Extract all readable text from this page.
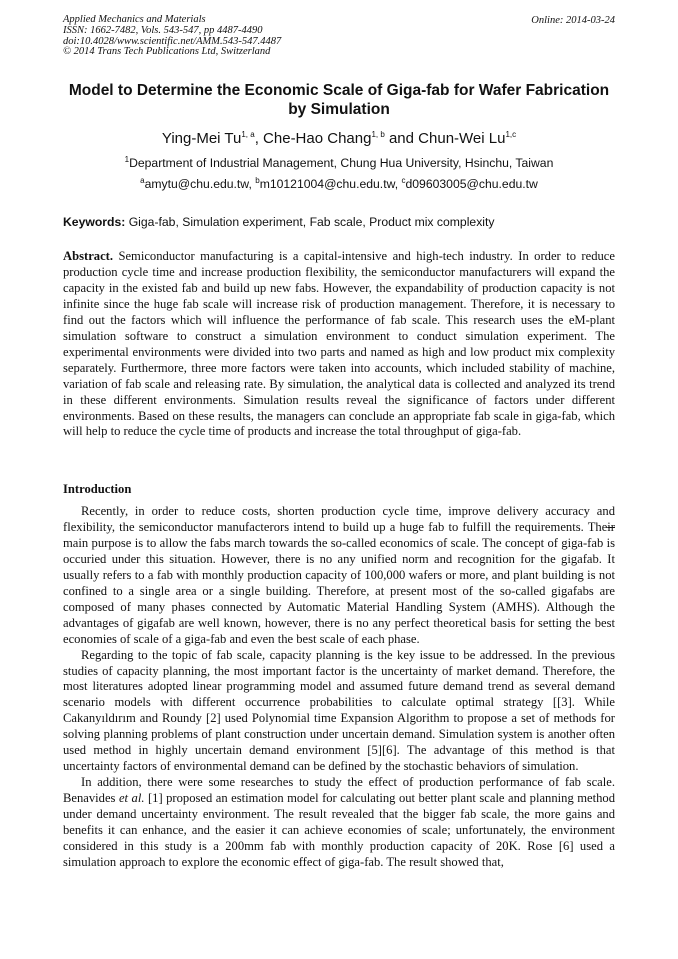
Applied Mechanics and Materials
ISSN: 1662-7482, Vols. 543-547, pp 4487-4490
doi:10.4028/www.scientific.net/AMM.543-547.4487
© 2014 Trans Tech Publications Ltd, Switzerland
Online: 2014-03-24
Model to Determine the Economic Scale of Giga-fab for Wafer Fabrication by Simulation
Ying-Mei Tu$^{1, a}$, Che-Hao Chang$^{1, b}$ and Chun-Wei Lu$^{1,c}$
$^1$Department of Industrial Management, Chung Hua University, Hsinchu, Taiwan
$^a$amytu@chu.edu.tw, $^b$m10121004@chu.edu.tw, $^c$d09603005@chu.edu.tw
Keywords: Giga-fab, Simulation experiment, Fab scale, Product mix complexity
Abstract. Semiconductor manufacturing is a capital-intensive and high-tech industry. In order to reduce production cycle time and increase production flexibility, the semiconductor manufacturers will expand the capacity in the existed fab and build up new fabs. However, the expandability of production capacity is not infinite since the huge fab scale will increase risk of production management. Therefore, it is necessary to find out the factors which will influence the performance of fab scale. This research uses the eM-plant simulation software to construct a simulation environment to conduct simulation experiment. The experimental environments were divided into two parts and named as high and low product mix complexity separately. Furthermore, three more factors were taken into accounts, which included stability of machine, variation of fab scale and releasing rate. By simulation, the analytical data is collected and analyzed its trend in these different environments. Simulation results reveal the significance of factors under different environments. Based on these results, the managers can conclude an appropriate fab scale in giga-fab, which will help to reduce the cycle time of products and increase the total throughput of giga-fab.
Introduction

Recently, in order to reduce costs, shorten production cycle time, improve delivery accuracy and flexibility, the semiconductor manufacterors intend to build up a huge fab to fulfill the requirements. Their main purpose is to allow the fabs march towards the so-called economics of scale. The concept of giga-fab is occuried under this situation. However, there is no any unified norm and recognition for the gigafab. It usually refers to a fab with monthly production capacity of 100,000 wafers or more, and plant building is not confined to a single area or a single building. Therefore, at present most of the so-called gigafabs are composed of many phases connected by Automatic Material Handling System (AMHS). Although the advantages of gigafab are well known, however, there is no any perfect theoretical basis for setting the best economies of scale of a giga-fab and even the best scale of each phase.

Regarding to the topic of fab scale, capacity planning is the key issue to be addressed. In the previous studies of capacity planning, the most important factor is the uncertainty of market demand. Therefore, the most literatures adopted linear programming model and assumed future demand trend as several demand scenario models with different occurrence probabilities to calculate optimal strategy [[3]. While Cakanyıldırım and Roundy [2] used Polynomial time Expansion Algorithm to propose a set of methods for solving planning problems of plant construction under uncertain demand. Simulation system is another often used method in highly uncertain demand environment [5][6]. The advantage of this method is that uncertainty factors of environmental demand can be defined by the stochastic behaviors of simulation.

In addition, there were some researches to study the effect of production performance of fab scale. Benavides et al. [1] proposed an estimation model for calculating out better plant scale and planning method under demand uncertainty environment. The result revealed that the bigger fab scale, the more gains and benefits it can enhance, and the easier it can achieve economies of scale; unfortunately, the environment considered in this study is a 200mm fab with monthly production capacity of 20K. Rose [6] used a simulation approach to explore the economic effect of giga-fab. The result showed that,
